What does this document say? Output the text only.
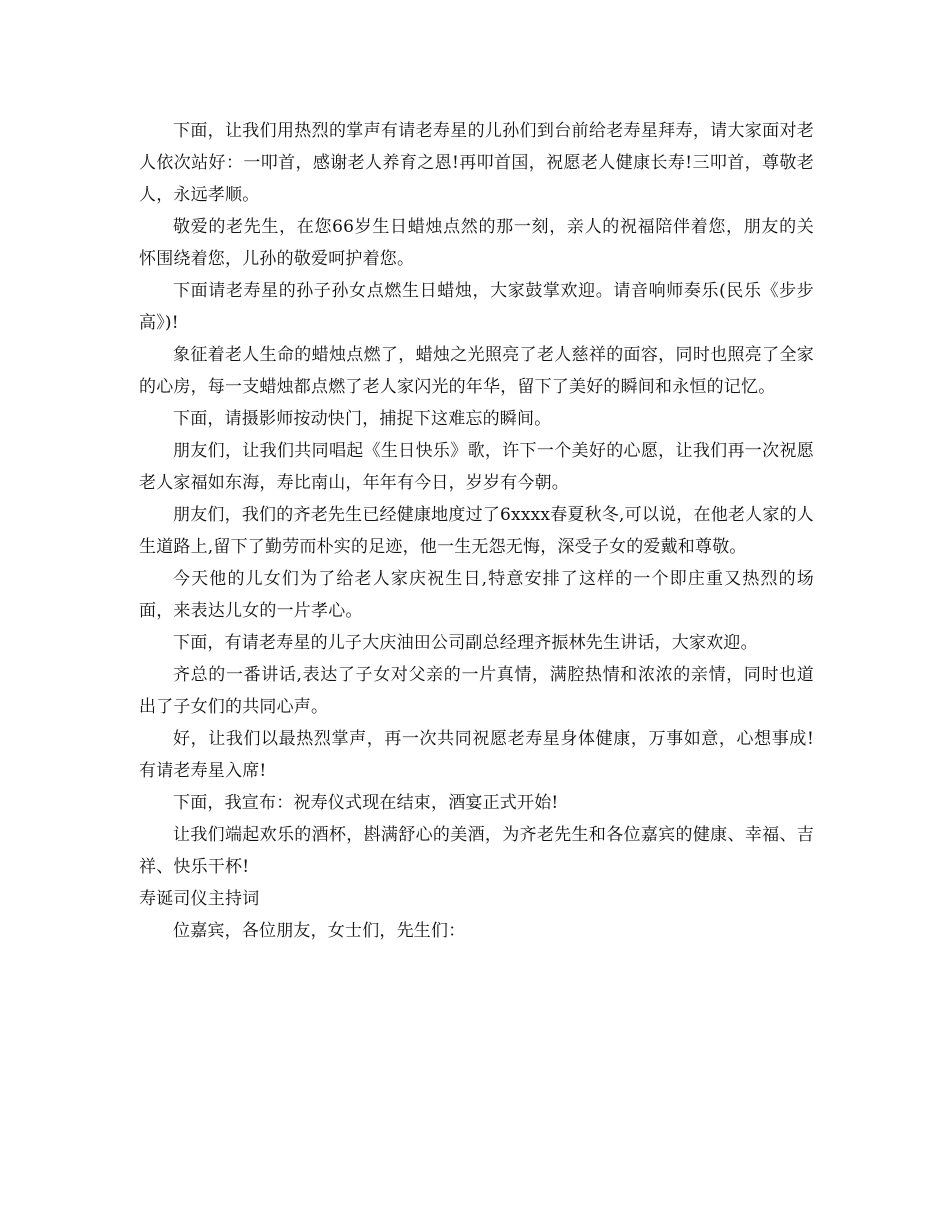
下面，让我们用热烈的掌声有请老寿星的儿孙们到台前给老寿星拜寿，请大家面对老人依次站好：一叩首，感谢老人养育之恩!再叩首国，祝愿老人健康长寿!三叩首，尊敬老人，永远孝顺。

敬爱的老先生，在您66岁生日蜡烛点然的那一刻，亲人的祝福陪伴着您，朋友的关怀围绕着您，儿孙的敬爱呵护着您。

下面请老寿星的孙子孙女点燃生日蜡烛，大家鼓掌欢迎。请音响师奏乐(民乐《步步高》)!

象征着老人生命的蜡烛点燃了，蜡烛之光照亮了老人慈祥的面容，同时也照亮了全家的心房，每一支蜡烛都点燃了老人家闪光的年华，留下了美好的瞬间和永恒的记忆。

下面，请摄影师按动快门，捕捉下这难忘的瞬间。

朋友们，让我们共同唱起《生日快乐》歌，许下一个美好的心愿，让我们再一次祝愿老人家福如东海，寿比南山，年年有今日，岁岁有今朝。

朋友们，我们的齐老先生已经健康地度过了6xxxx春夏秋冬,可以说，在他老人家的人生道路上,留下了勤劳而朴实的足迹，他一生无怨无悔，深受子女的爱戴和尊敬。

今天他的儿女们为了给老人家庆祝生日,特意安排了这样的一个即庄重又热烈的场面，来表达儿女的一片孝心。

下面，有请老寿星的儿子大庆油田公司副总经理齐振林先生讲话，大家欢迎。

齐总的一番讲话,表达了子女对父亲的一片真情，满腔热情和浓浓的亲情，同时也道出了子女们的共同心声。

好，让我们以最热烈掌声，再一次共同祝愿老寿星身体健康，万事如意，心想事成!有请老寿星入席!

下面，我宣布：祝寿仪式现在结束，酒宴正式开始!

让我们端起欢乐的酒杯，斟满舒心的美酒，为齐老先生和各位嘉宾的健康、幸福、吉祥、快乐干杯!

寿诞司仪主持词

位嘉宾，各位朋友，女士们，先生们：
